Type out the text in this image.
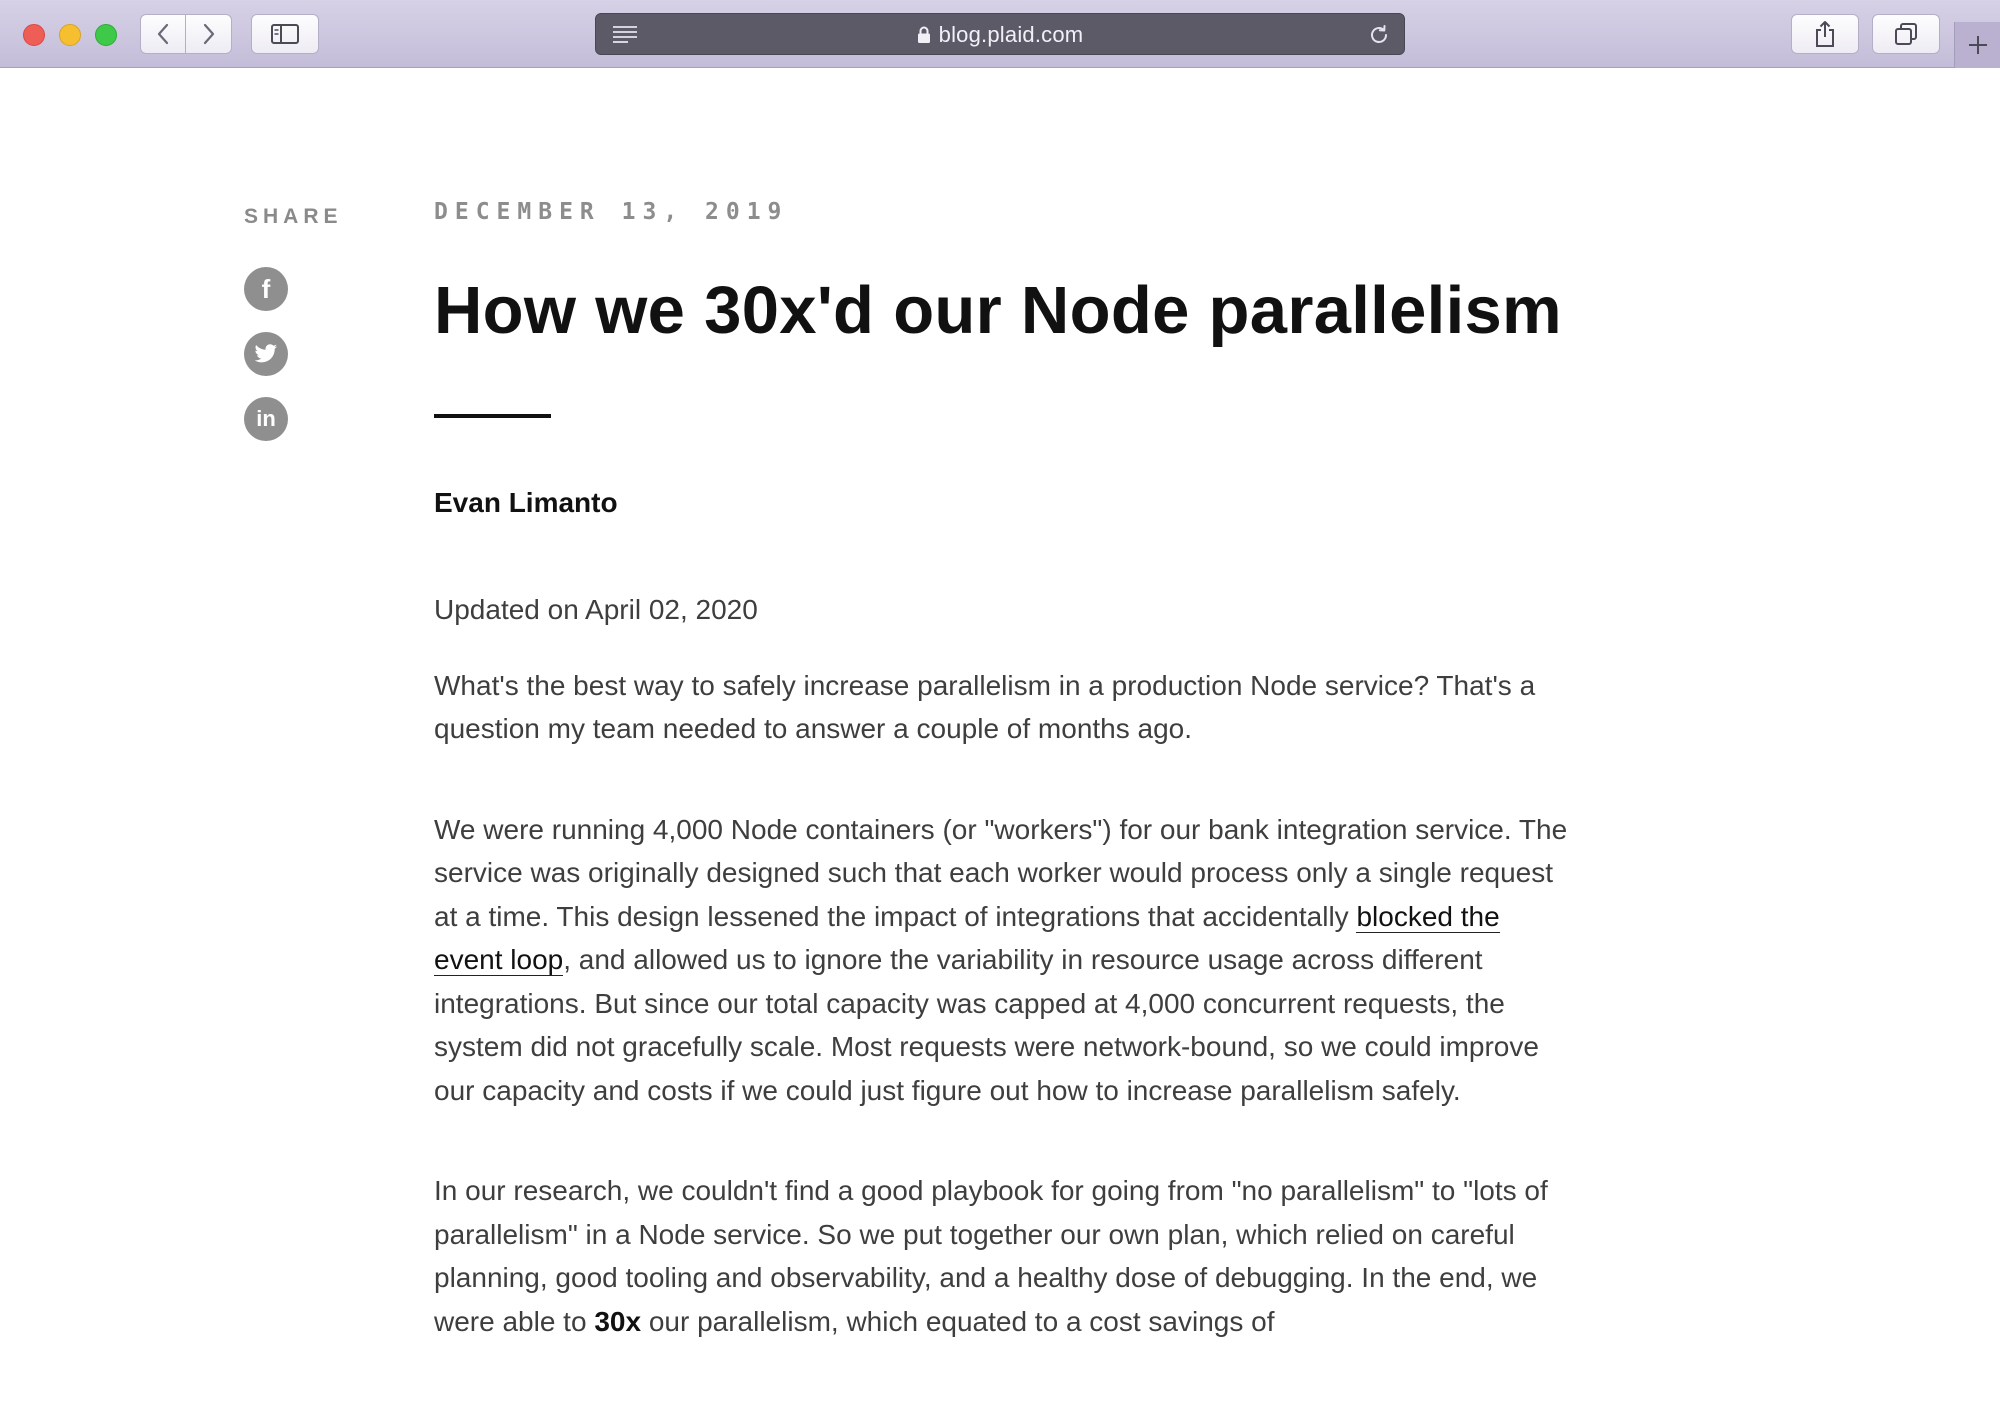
blog.plaid.com
SHARE
f
in
DECEMBER 13, 2019
How we 30x'd our Node parallelism
Evan Limanto

Updated on April 02, 2020

What's the best way to safely increase parallelism in a production Node service? That's a question my team needed to answer a couple of months ago.

We were running 4,000 Node containers (or "workers") for our bank integration service. The service was originally designed such that each worker would process only a single request at a time. This design lessened the impact of integrations that accidentally blocked the event loop, and allowed us to ignore the variability in resource usage across different integrations. But since our total capacity was capped at 4,000 concurrent requests, the system did not gracefully scale. Most requests were network-bound, so we could improve our capacity and costs if we could just figure out how to increase parallelism safely.

In our research, we couldn't find a good playbook for going from "no parallelism" to "lots of parallelism" in a Node service. So we put together our own plan, which relied on careful planning, good tooling and observability, and a healthy dose of debugging. In the end, we were able to 30x our parallelism, which equated to a cost savings of
